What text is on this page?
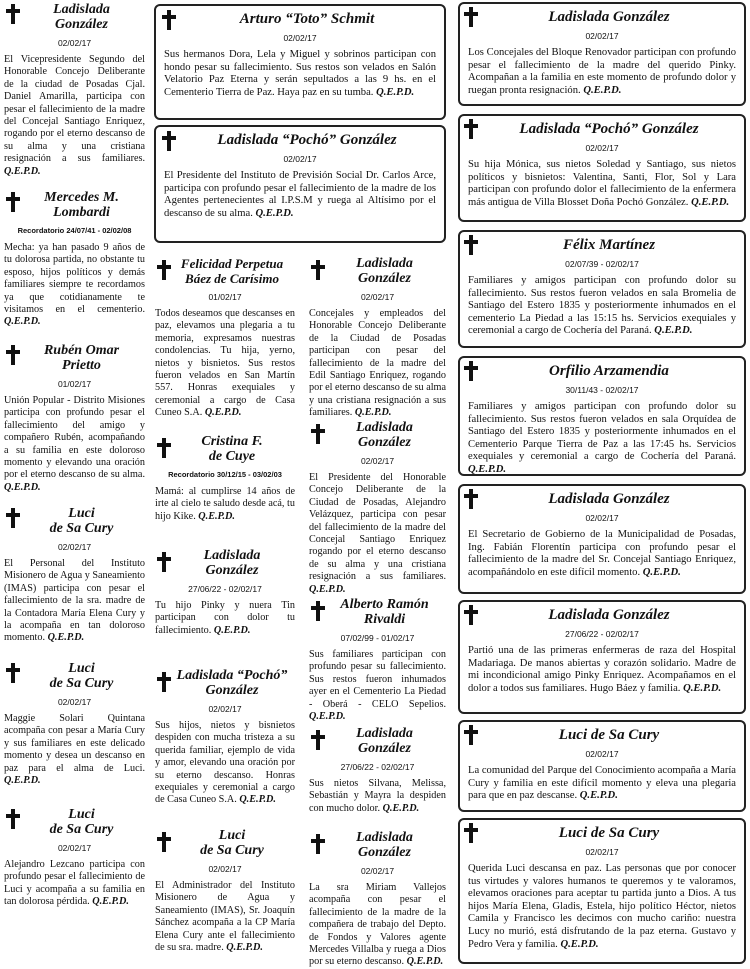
Ladislada
González
02/02/17
El Vicepresidente Segundo del Honorable Concejo Deliberante de la ciudad de Posadas Cjal. Daniel Amarilla, participa con pesar el fallecimiento de la madre del Concejal Santiago Enriquez, rogando por el eterno descanso de su alma y una cristiana resignación a sus familiares. Q.E.P.D.
Mercedes M.
Lombardi
Recordatorio 24/07/41 - 02/02/08
Mecha: ya han pasado 9 años de tu dolorosa partida, no obstante tu esposo, hijos políticos y demás familiares siempre te recordamos ya que cotidianamente te visitamos en el cementerio. Q.E.P.D.
Rubén Omar
Prietto
01/02/17
Unión Popular - Distrito Misiones participa con profundo pesar el fallecimiento del amigo y compañero Rubén, acompañando a su familia en este doloroso momento y elevando una oración por el eterno descanso de su alma. Q.E.P.D.
Luci
de Sa Cury
02/02/17
El Personal del Instituto Misionero de Agua y Saneamiento (IMAS) participa con pesar el fallecimiento de la sra. madre de la Contadora María Elena Cury y la acompaña en tan doloroso momento. Q.E.P.D.
Luci
de Sa Cury
02/02/17
Maggie Solari Quintana acompaña con pesar a María Cury y sus familiares en este delicado momento y desea un descanso en paz para el alma de Luci. Q.E.P.D.
Luci
de Sa Cury
02/02/17
Alejandro Lezcano participa con profundo pesar el fallecimiento de Luci y acompaña a su familia en tan dolorosa pérdida. Q.E.P.D.
Arturo “Toto” Schmit
02/02/17
Sus hermanos Dora, Lela y Miguel y sobrinos participan con hondo pesar su fallecimiento. Sus restos son velados en Salón Velatorio Paz Eterna y serán sepultados a las 9 hs. en el Cementerio Tierra de Paz. Haya paz en su tumba. Q.E.P.D.
Ladislada “Pochó” González
02/02/17
El Presidente del Instituto de Previsión Social Dr. Carlos Arce, participa con profundo pesar el fallecimiento de la madre de los Agentes pertenecientes al I.P.S.M y ruega al Altísimo por el descanso de su alma. Q.E.P.D.
Felicidad Perpetua
Báez de Carísimo
01/02/17
Todos deseamos que descanses en paz, elevamos una plegaria a tu memoria, expresamos nuestras condolencias. Tu hija, yerno, nietos y bisnietos. Sus restos fueron velados en San Martín 557. Honras exequiales y ceremonial a cargo de Casa Cuneo S.A. Q.E.P.D.
Cristina F.
de Cuye
Recordatorio 30/12/15 - 03/02/03
Mamá: al cumplirse 14 años de irte al cielo te saludo desde acá, tu hijo Kike. Q.E.P.D.
Ladislada
González
27/06/22 - 02/02/17
Tu hijo Pinky y nuera Tin participan con dolor tu fallecimiento. Q.E.P.D.
Ladislada “Pochó”
González
02/02/17
Sus hijos, nietos y bisnietos despiden con mucha tristeza a su querida familiar, ejemplo de vida y amor, elevando una oración por su eterno descanso. Honras exequiales y ceremonial a cargo de Casa Cuneo S.A. Q.E.P.D.
Luci
de Sa Cury
02/02/17
El Administrador del Instituto Misionero de Agua y Saneamiento (IMAS), Sr. Joaquín Sánchez acompaña a la CP María Elena Cury ante el fallecimiento de su sra. madre. Q.E.P.D.
Ladislada
González
02/02/17
Concejales y empleados del Honorable Concejo Deliberante de la Ciudad de Posadas participan con pesar del fallecimiento de la madre del Edil Santiago Enriquez, rogando por el eterno descanso de su alma y una cristiana resignación a sus familiares. Q.E.P.D.
Ladislada
González
02/02/17
El Presidente del Honorable Concejo Deliberante de la Ciudad de Posadas, Alejandro Velázquez, participa con pesar del fallecimiento de la madre del Concejal Santiago Enriquez rogando por el eterno descanso de su alma y una cristiana resignación a sus familiares. Q.E.P.D.
Alberto Ramón
Rivaldi
07/02/99 - 01/02/17
Sus familiares participan con profundo pesar su fallecimiento. Sus restos fueron inhumados ayer en el Cementerio La Piedad - Oberá - CELO Sepelios. Q.E.P.D.
Ladislada
González
27/06/22 - 02/02/17
Sus nietos Silvana, Melissa, Sebastián y Mayra la despiden con mucho dolor. Q.E.P.D.
Ladislada
González
02/02/17
La sra Miriam Vallejos acompaña con pesar el fallecimiento de la madre de la compañera de trabajo del Depto. de Fondos y Valores agente Mercedes Villalba y ruega a Dios por su eterno descanso. Q.E.P.D.
Ladislada González
02/02/17
Los Concejales del Bloque Renovador participan con profundo pesar el fallecimiento de la madre del querido Pinky. Acompañan a la familia en este momento de profundo dolor y ruegan pronta resignación. Q.E.P.D.
Ladislada “Pochó” González
02/02/17
Su hija Mónica, sus nietos Soledad y Santiago, sus nietos políticos y bisnietos: Valentina, Santi, Flor, Sol y Lara participan con profundo dolor el fallecimiento de la enfermera más antigua de Villa Blosset Doña Pochó González. Q.E.P.D.
Félix Martínez
02/07/39 - 02/02/17
Familiares y amigos participan con profundo dolor su fallecimiento. Sus restos fueron velados en sala Bromelia de Santiago del Estero 1835 y posteriormente inhumados en el cementerio La Piedad a las 15:15 hs. Servicios exequiales y ceremonial a cargo de Cochería del Paraná. Q.E.P.D.
Orfilio Arzamendia
30/11/43 - 02/02/17
Familiares y amigos participan con profundo dolor su fallecimiento. Sus restos fueron velados en sala Orquídea de Santiago del Estero 1835 y posteriormente inhumados en el Cementerio Parque Tierra de Paz a las 17:45 hs. Servicios exequiales y ceremonial a cargo de Cochería del Paraná. Q.E.P.D.
Ladislada González
02/02/17
El Secretario de Gobierno de la Municipalidad de Posadas, Ing. Fabián Florentín participa con profundo pesar el fallecimiento de la madre del Sr. Concejal Santiago Enriquez, acompañándolo en este difícil momento. Q.E.P.D.
Ladislada González
27/06/22 - 02/02/17
Partió una de las primeras enfermeras de raza del Hospital Madariaga. De manos abiertas y corazón solidario. Madre de mi incondicional amigo Pinky Enriquez. Acompañamos en el dolor a todos sus familiares. Hugo Báez y familia. Q.E.P.D.
Luci de Sa Cury
02/02/17
La comunidad del Parque del Conocimiento acompaña a María Cury y familia en este difícil momento y eleva una plegaria para que en paz descanse. Q.E.P.D.
Luci de Sa Cury
02/02/17
Querida Luci descansa en paz. Las personas que por conocer tus virtudes y valores humanos te queremos y te valoramos, elevamos oraciones para aceptar tu partida junto a Dios. A tus hijos María Elena, Gladis, Estela, hijo político Héctor, nietos Camila y Francisco les decimos con mucho cariño: nuestra Lucy no murió, está disfrutando de la paz eterna. Gustavo y Pedro Vera y familia. Q.E.P.D.
